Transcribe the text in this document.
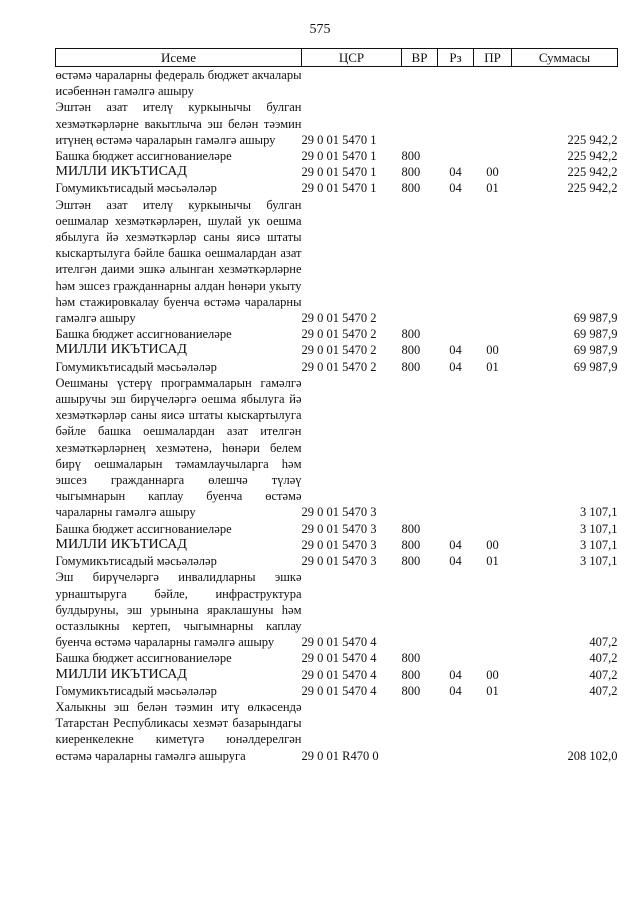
575
Исеме	ЦСР	ВР	Рз	ПР	Суммасы

өстәмә чараларны федераль бюджет акчалары исәбеннән гамәлгә ашыру					

Эштән азат ителү куркынычы булган хезмәткәрләрне вакытлыча эш белән тәэмин итүнең өстәмә чараларын гамәлгә ашыру	29 0 01 5470 1				225 942,2

Башка бюджет ассигнованиеләре	29 0 01 5470 1	800			225 942,2

МИЛЛИ ИКЪТИСАД	29 0 01 5470 1	800	04	00	225 942,2

Гомумикътисадый мәсьәләләр	29 0 01 5470 1	800	04	01	225 942,2

Эштән азат ителү куркынычы булган оешмалар хезмәткәрләрен, шулай ук оешма ябылуга йә хезмәткәрләр саны яисә штаты кыскартылуга бәйле башка оешмалардан азат ителгән даими эшкә алынган хезмәткәрләрне һәм эшсез гражданнарны алдан һөнәри укыту һәм стажировкалау буенча өстәмә чараларны гамәлгә ашыру	29 0 01 5470 2				69 987,9

Башка бюджет ассигнованиеләре	29 0 01 5470 2	800			69 987,9

МИЛЛИ ИКЪТИСАД	29 0 01 5470 2	800	04	00	69 987,9

Гомумикътисадый мәсьәләләр	29 0 01 5470 2	800	04	01	69 987,9

Оешманы үстерү программаларын гамәлгә ашыручы эш бирүчеләргә оешма ябылуга йә хезмәткәрләр саны яисә штаты кыскартылуга бәйле башка оешмалардан азат ителгән хезмәткәрләрнең хезмәтенә, һөнәри белем бирү оешмаларын тәмамлаучыларга һәм эшсез гражданнарга өлешчә түләү чыгымнарын каплау буенча өстәмә чараларны гамәлгә ашыру	29 0 01 5470 3				3 107,1

Башка бюджет ассигнованиеләре	29 0 01 5470 3	800			3 107,1

МИЛЛИ ИКЪТИСАД	29 0 01 5470 3	800	04	00	3 107,1

Гомумикътисадый мәсьәләләр	29 0 01 5470 3	800	04	01	3 107,1

Эш бирүчеләргә инвалидларны эшкә урнаштыруга бәйле, инфраструктура булдыруны, эш урынына яраклашуны һәм остазлыкны кертеп, чыгымнарны каплау буенча өстәмә чараларны гамәлгә ашыру	29 0 01 5470 4				407,2

Башка бюджет ассигнованиеләре	29 0 01 5470 4	800			407,2

МИЛЛИ ИКЪТИСАД	29 0 01 5470 4	800	04	00	407,2

Гомумикътисадый мәсьәләләр	29 0 01 5470 4	800	04	01	407,2

Халыкны эш белән тәэмин итү өлкәсендә Татарстан Республикасы хезмәт базарындагы киеренкелекне киметүгә юнәлдерелгән өстәмә чараларны гамәлгә ашыруга	29 0 01 R470 0				208 102,0
